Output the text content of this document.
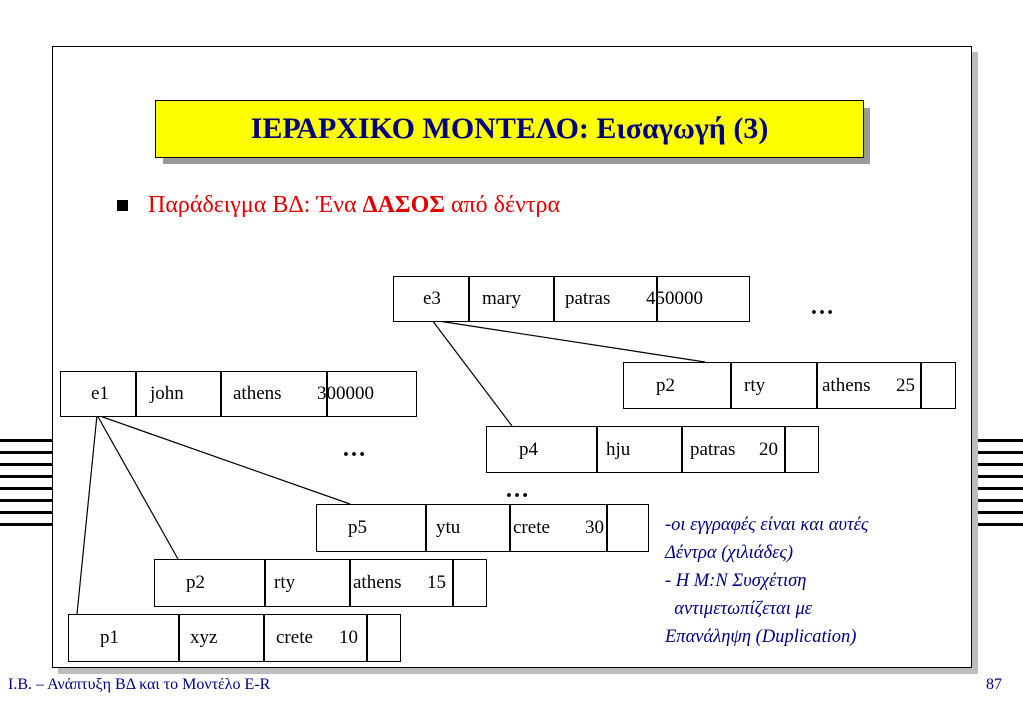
ΙΕΡΑΡΧΙΚΟ ΜΟΝΤΕΛΟ: Εισαγωγή (3)
Παράδειγμα ΒΔ: Ένα ΔΑΣΟΣ από δέντρα
e3 mary patras 450000
e1 john	athens 300000	p2	rty	athens 25
p4	hju	patras 20
p5	ytu	crete 30
p2	rty	athens 15
p1	xyz	crete 10
…
…
…
-οι εγγραφές είναι και αυτές
Δέντρα (χιλιάδες)
- Η Μ:Ν Συσχέτιση
αντιμετωπίζεται με
Επανάληψη (Duplication)
Ι.Β. – Ανάπτυξη ΒΔ και το Μοντέλο Ε-R	87
